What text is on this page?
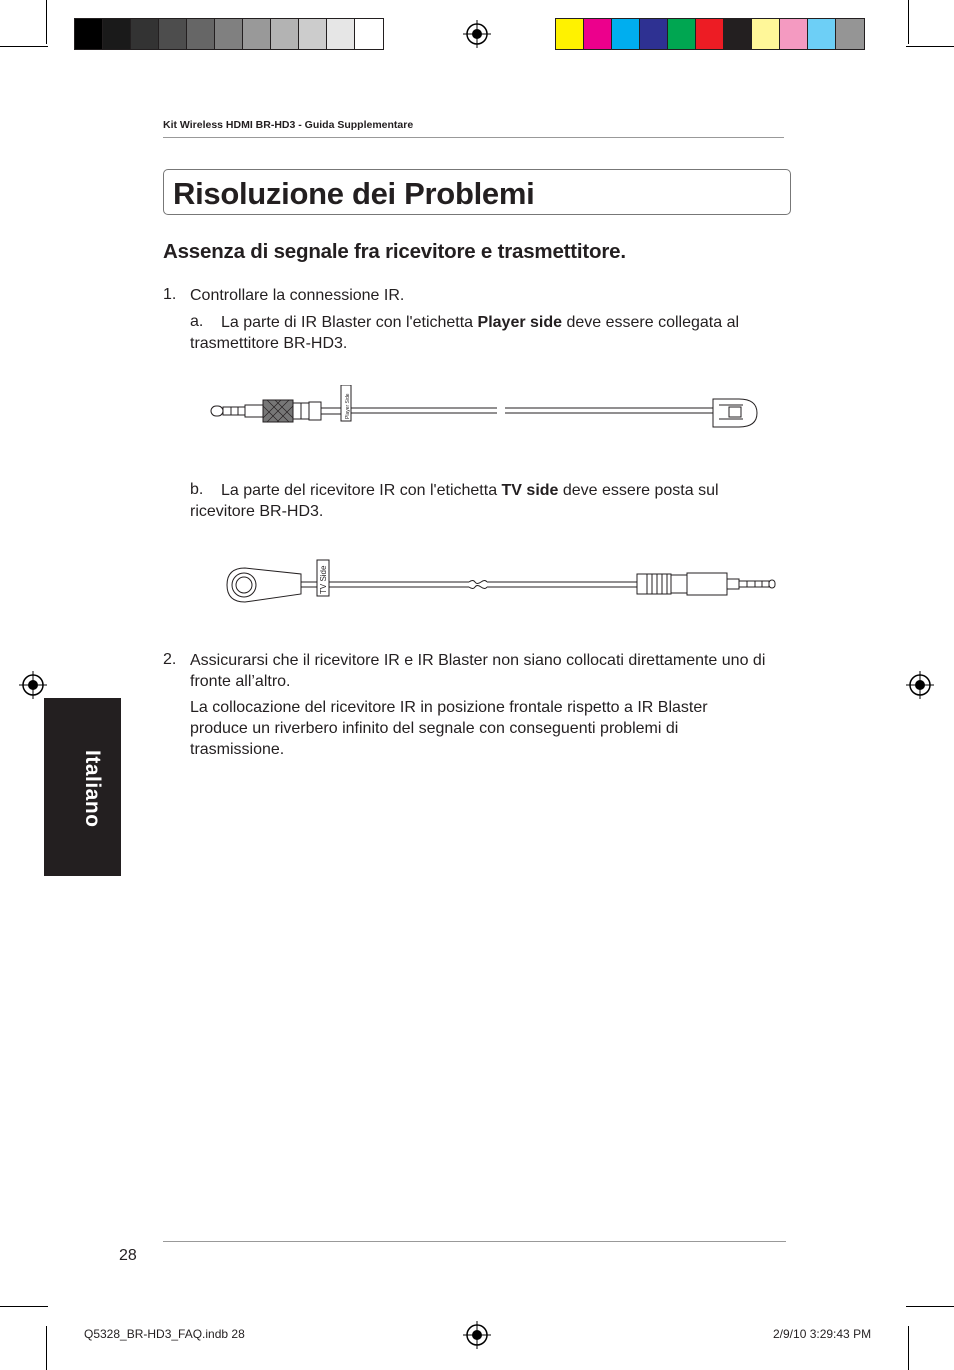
Kit Wireless HDMI BR-HD3 - Guida Supplementare
Risoluzione dei Problemi
Assenza di segnale fra ricevitore e trasmettitore.
1. Controllare la connessione IR.
a.	La parte di IR Blaster con l'etichetta Player side deve essere collegata al trasmettitore BR-HD3.
Player Side
b.	La parte del ricevitore IR con l'etichetta TV side deve essere posta sul ricevitore BR-HD3.
TV Side
2. Assicurarsi che il ricevitore IR e IR Blaster non siano collocati direttamente uno di fronte all’altro.
La collocazione del ricevitore IR in posizione frontale rispetto a IR Blaster produce un riverbero infinito del segnale con conseguenti problemi di trasmissione.
Italiano
28
Q5328_BR-HD3_FAQ.indb 28	2/9/10 3:29:43 PM
